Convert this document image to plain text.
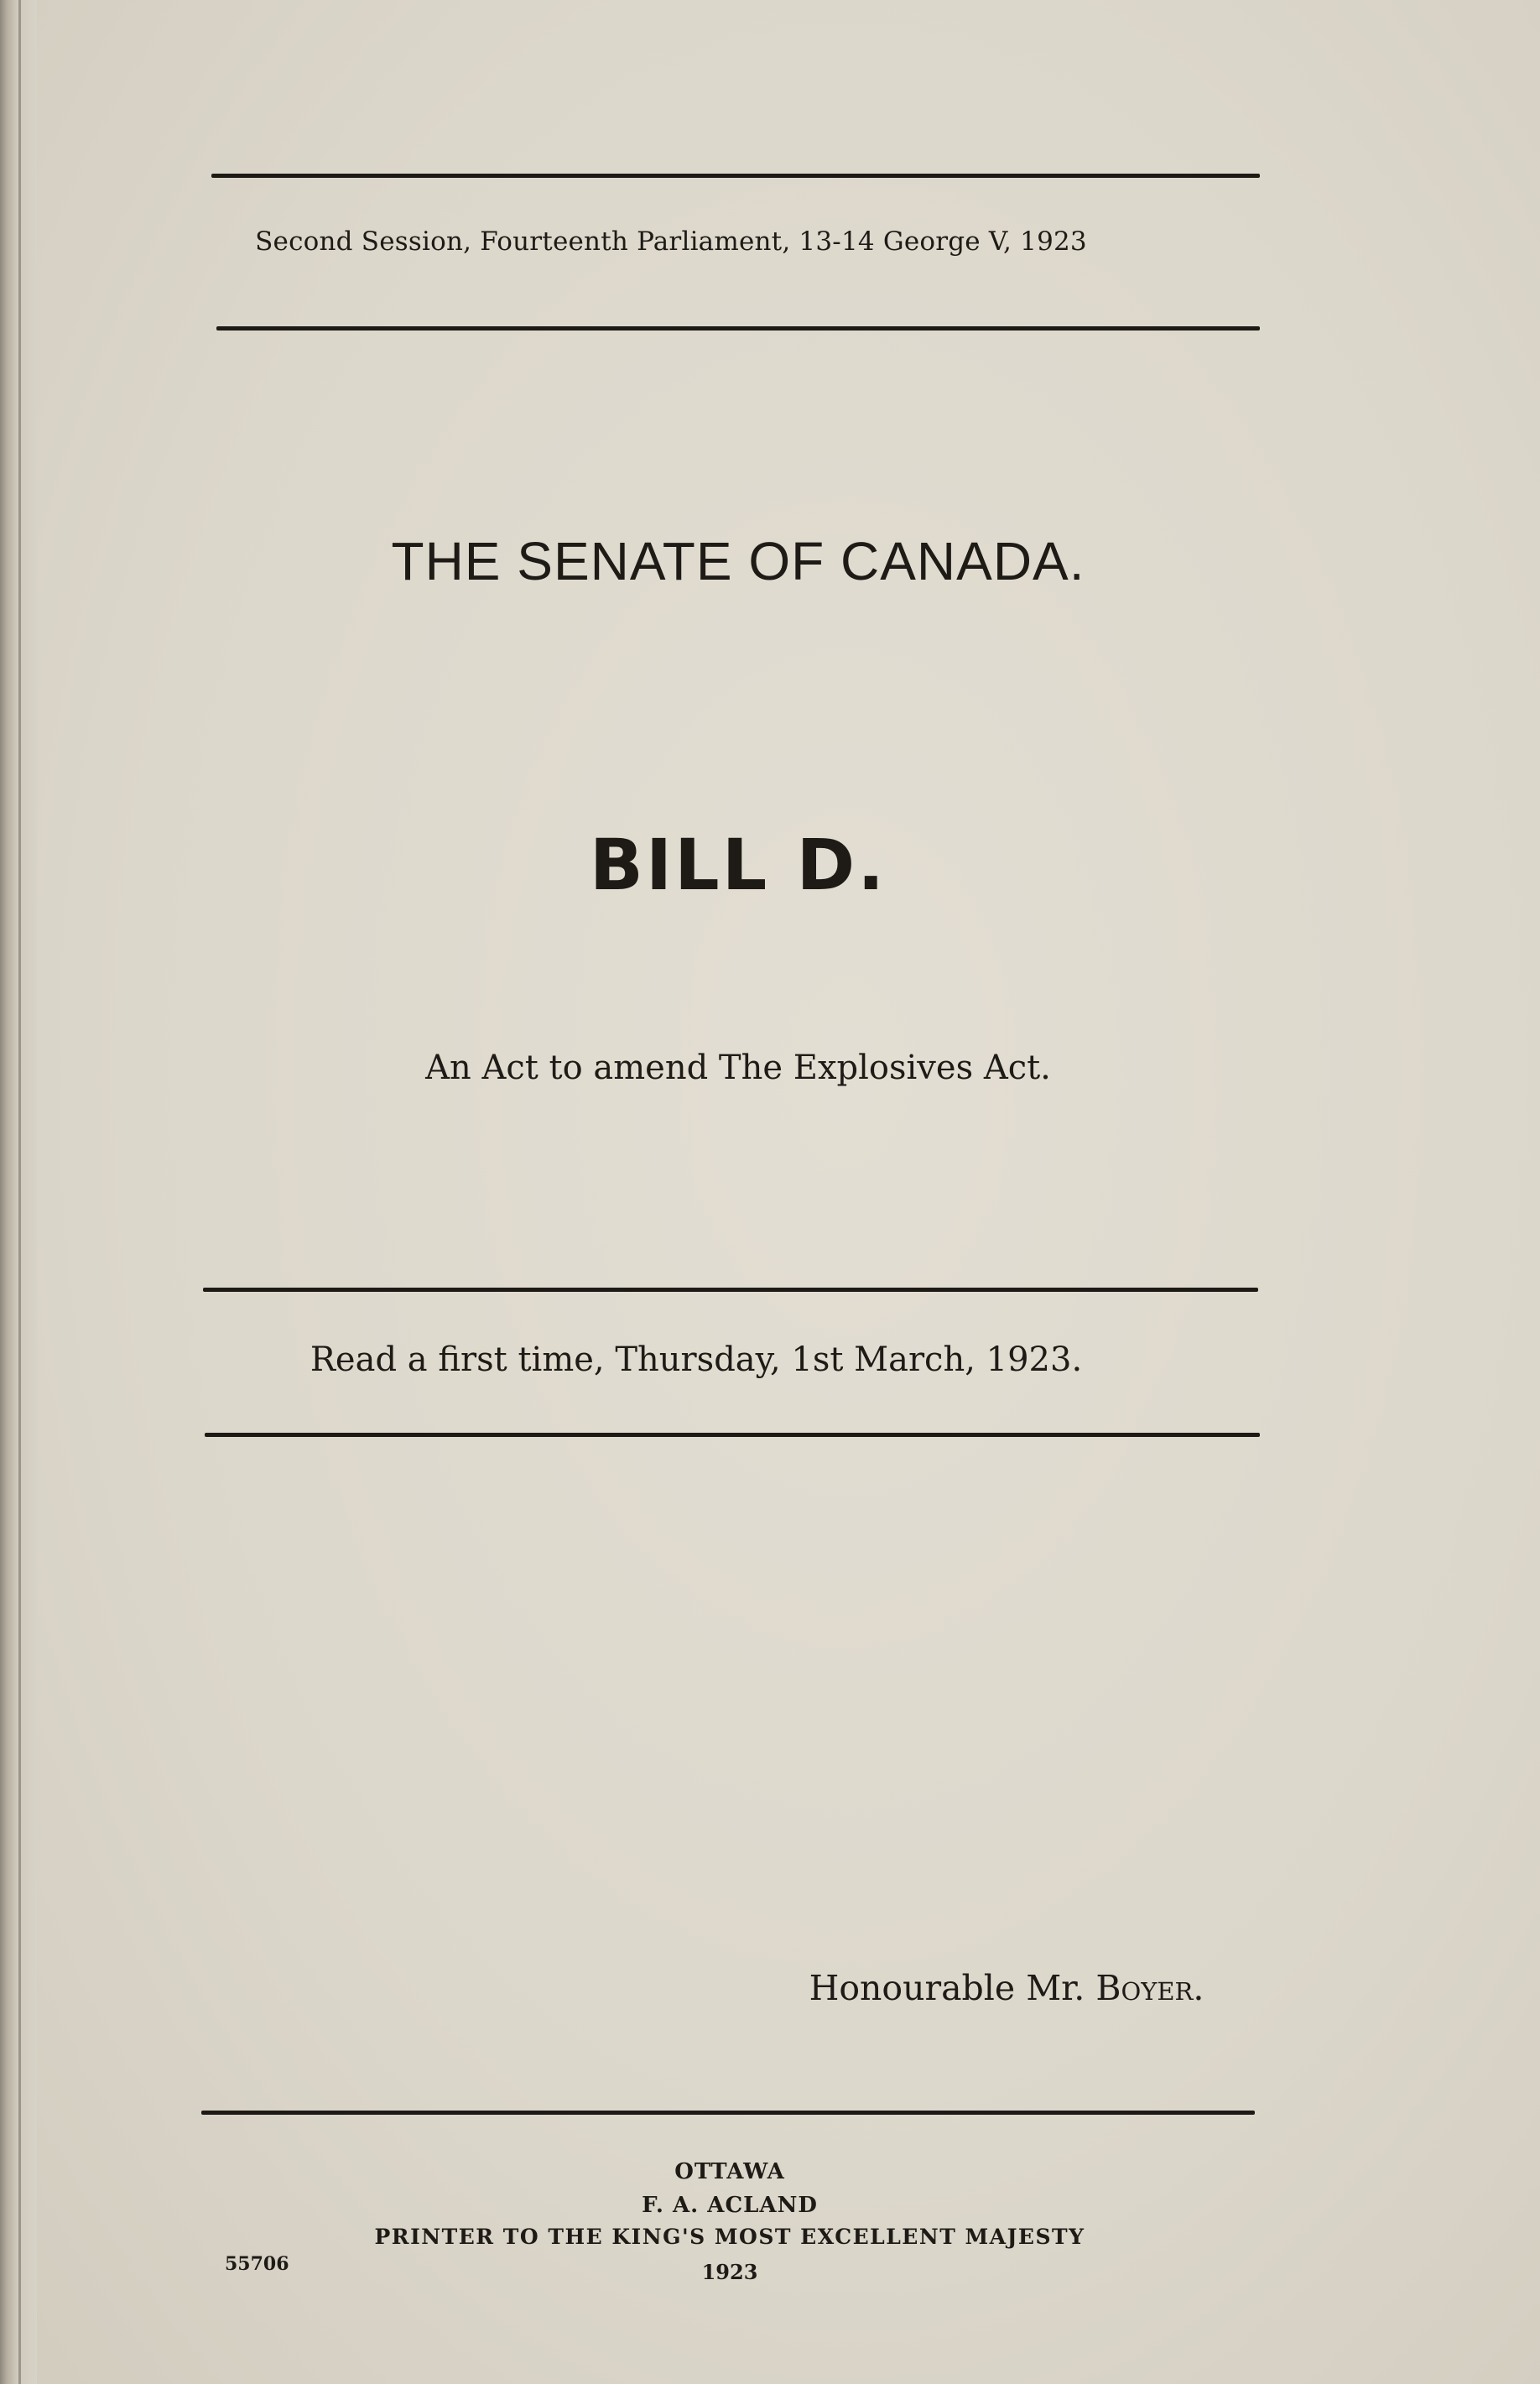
Second Session, Fourteenth Parliament, 13-14 George V, 1923
THE SENATE OF CANADA.
BILL D.
An Act to amend The Explosives Act.
Read a first time, Thursday, 1st March, 1923.
Honourable Mr. Boyer.
OTTAWA
F. A. ACLAND
PRINTER TO THE KING'S MOST EXCELLENT MAJESTY
1923
55706
